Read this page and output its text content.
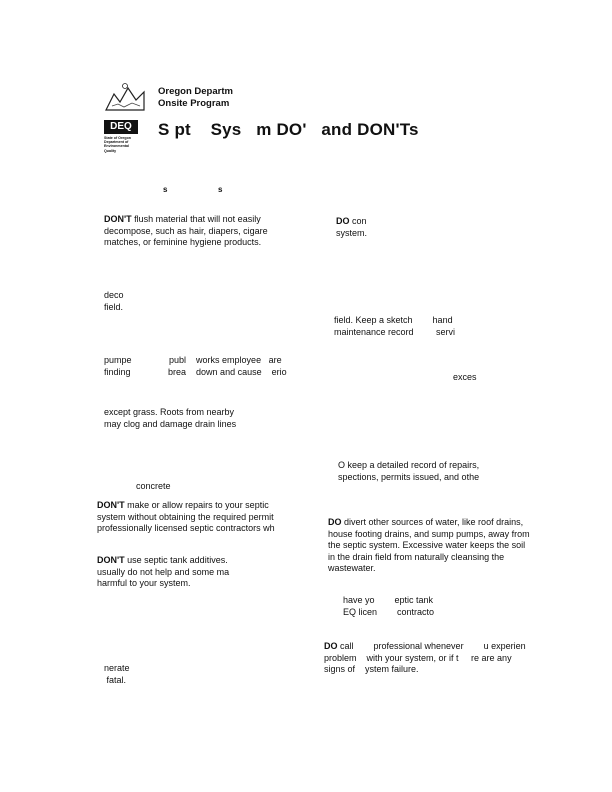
DEQ
State of Oregon
Department of
Environmental
Quality
Oregon Departm
Onsite Program
S pt    Sys   m DO'   and DON'Ts
s	s
DON'T flush material that will not easily
decompose, such as hair, diapers, cigare
matches, or feminine hygiene products.
deco
field.
pumpe               publ    works employee   are
finding               brea    down and cause    erio
except grass. Roots from nearby
may clog and damage drain lines
concrete
DON'T make or allow repairs to your septic
system without obtaining the required permit
professionally licensed septic contractors wh
DON'T use septic tank additives.
usually do not help and some ma
harmful to your system.
nerate
fatal.
DO con
system.
field. Keep a sketch        hand
maintenance record         servi
exces
O keep a detailed record of repairs,
spections, permits issued, and othe
DO divert other sources of water, like roof drains,
house footing drains, and sump pumps, away from
the septic system. Excessive water keeps the soil
in the drain field from naturally cleansing the
wastewater.
have yo        eptic tank
EQ licen        contracto
DO call        professional whenever        u experien
problem    with your system, or if t     re are any
signs of    ystem failure.
